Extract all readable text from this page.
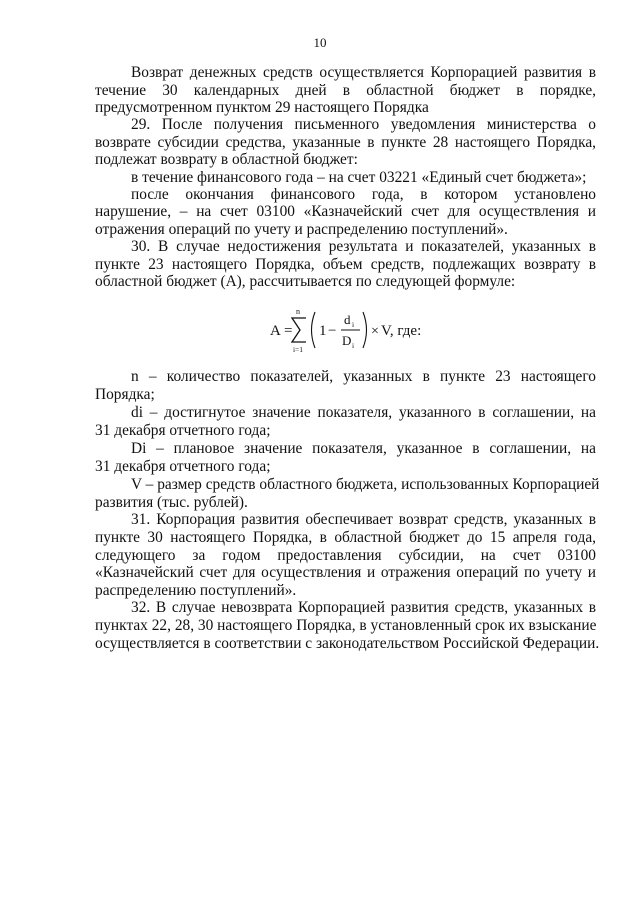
10
Возврат денежных средств осуществляется Корпорацией развития в
течение 30 календарных дней в областной бюджет в порядке,
предусмотренном пунктом 29 настоящего Порядка
29. После получения письменного уведомления министерства о
возврате субсидии средства, указанные в пункте 28 настоящего Порядка,
подлежат возврату в областной бюджет:
в течение финансового года – на счет 03221 «Единый счет бюджета»;
после окончания финансового года, в котором установлено
нарушение, – на счет 03100 «Казначейский счет для осуществления и
отражения операций по учету и распределению поступлений».
30. В случае недостижения результата и показателей, указанных в
пункте 23 настоящего Порядка, объем средств, подлежащих возврату в
областной бюджет (А), рассчитывается по следующей формуле:
A =
n
i=1
1 −
d i
D i
× V, где:
n – количество показателей, указанных в пункте 23 настоящего
Порядка;
di – достигнутое значение показателя, указанного в соглашении, на
31 декабря отчетного года;
Di – плановое значение показателя, указанное в соглашении, на
31 декабря отчетного года;
V – размер средств областного бюджета, использованных Корпорацией
развития (тыс. рублей).
31. Корпорация развития обеспечивает возврат средств, указанных в
пункте 30 настоящего Порядка, в областной бюджет до 15 апреля года,
следующего за годом предоставления субсидии, на счет 03100
«Казначейский счет для осуществления и отражения операций по учету и
распределению поступлений».
32. В случае невозврата Корпорацией развития средств, указанных в
пунктах 22, 28, 30 настоящего Порядка, в установленный срок их взыскание
осуществляется в соответствии с законодательством Российской Федерации.
